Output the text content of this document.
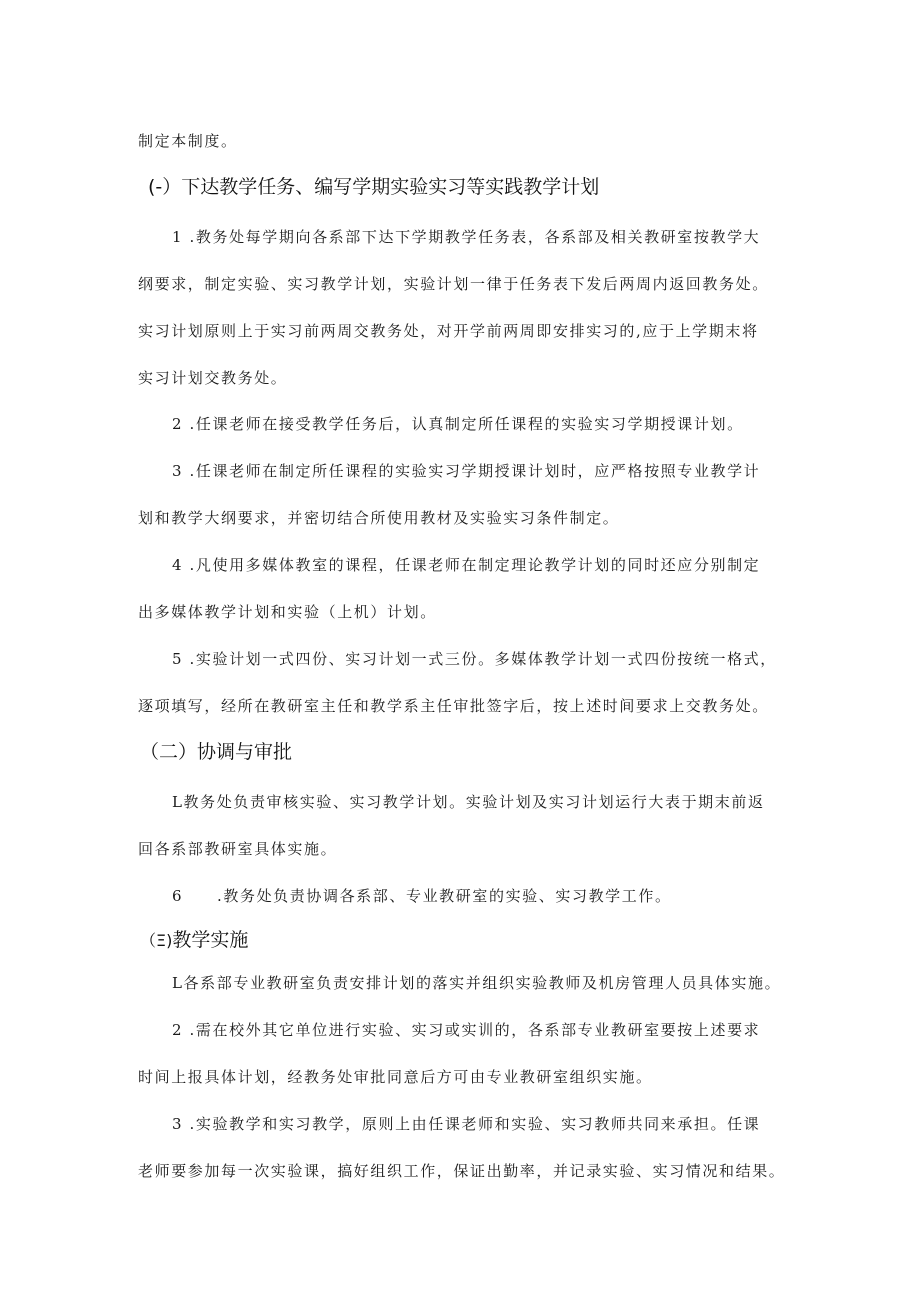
制定本制度。
(-）下达教学任务、编写学期实验实习等实践教学计划
1 .教务处每学期向各系部下达下学期教学任务表，各系部及相关教研室按教学大
纲要求，制定实验、实习教学计划，实验计划一律于任务表下发后两周内返回教务处。
实习计划原则上于实习前两周交教务处，对开学前两周即安排实习的,应于上学期末将
实习计划交教务处。
2 .任课老师在接受教学任务后，认真制定所任课程的实验实习学期授课计划。
3 .任课老师在制定所任课程的实验实习学期授课计划时，应严格按照专业教学计
划和教学大纲要求，并密切结合所使用教材及实验实习条件制定。
4 .凡使用多媒体教室的课程，任课老师在制定理论教学计划的同时还应分别制定
出多媒体教学计划和实验（上机）计划。
5 .实验计划一式四份、实习计划一式三份。多媒体教学计划一式四份按统一格式，
逐项填写，经所在教研室主任和教学系主任审批签字后，按上述时间要求上交教务处。
（二）协调与审批
L教务处负责审核实验、实习教学计划。实验计划及实习计划运行大表于期末前返
回各系部教研室具体实施。
6 .教务处负责协调各系部、专业教研室的实验、实习教学工作。
（Ξ)教学实施
L各系部专业教研室负责安排计划的落实并组织实验教师及机房管理人员具体实施。
2 .需在校外其它单位进行实验、实习或实训的，各系部专业教研室要按上述要求
时间上报具体计划，经教务处审批同意后方可由专业教研室组织实施。
3 .实验教学和实习教学，原则上由任课老师和实验、实习教师共同来承担。任课
老师要参加每一次实验课，搞好组织工作，保证出勤率，并记录实验、实习情况和结果。
